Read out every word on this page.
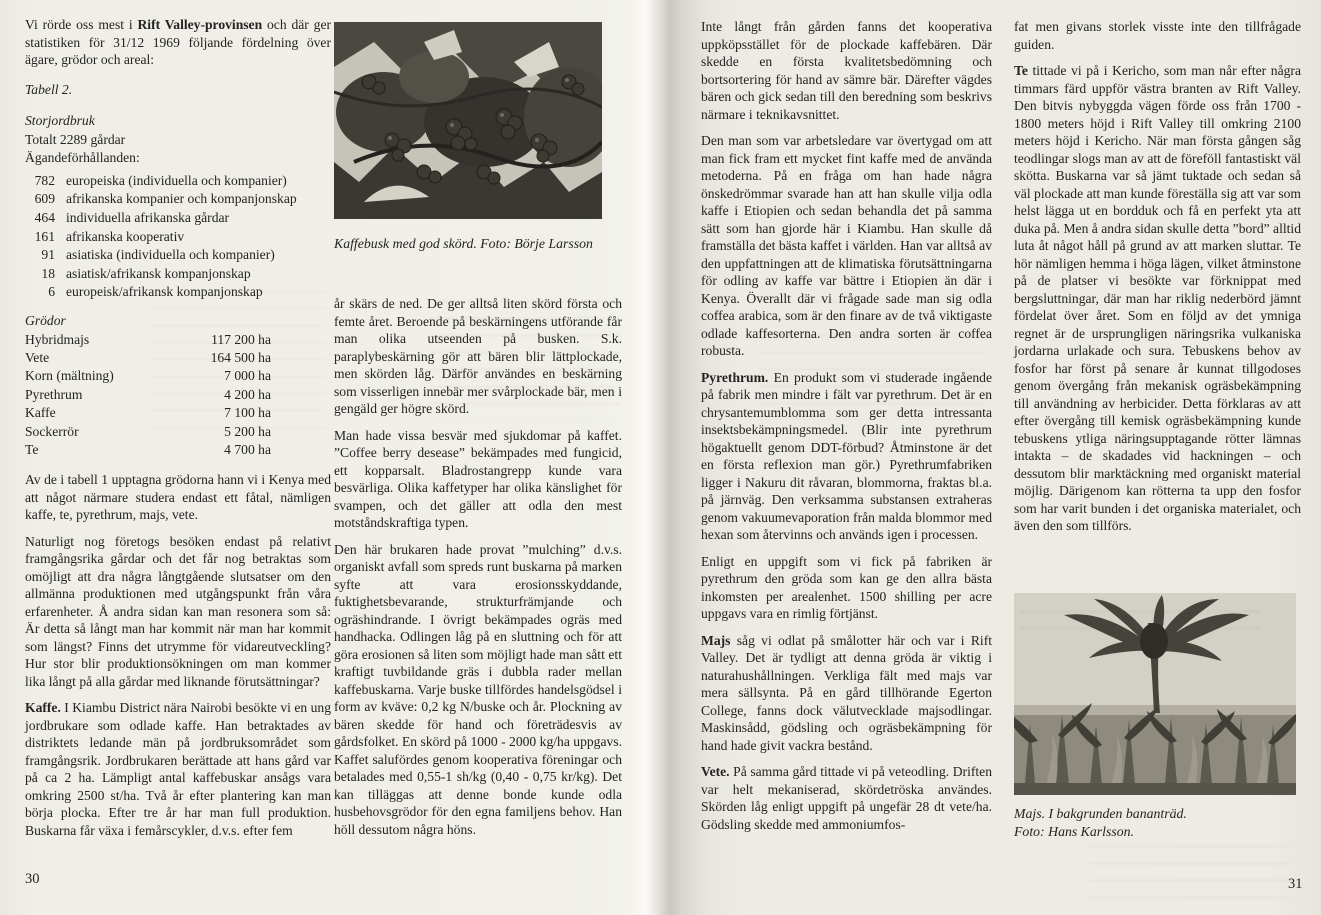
Vi rörde oss mest i Rift Valley-provinsen och där ger statistiken för 31/12 1969 följande fördelning över ägare, grödor och areal:

Tabell 2.
Storjordbruk
Totalt 2289 gårdar
Ägandeförhållanden:
782 europeiska (individuella och kompanier)
609 afrikanska kompanier och kompanjonskap
464 individuella afrikanska gårdar
161 afrikanska kooperativ
91 asiatiska (individuella och kompanier)
18 asiatisk/afrikansk kompanjonskap
6 europeisk/afrikansk kompanjonskap
Grödor
Hybridmajs	117 200 ha
Vete	164 500 ha
Korn (mältning)	7 000 ha
Pyrethrum	4 200 ha
Kaffe	7 100 ha
Sockerrör	5 200 ha
Te	4 700 ha

Av de i tabell 1 upptagna grödorna hann vi i Kenya med att något närmare studera endast ett fåtal, nämligen kaffe, te, pyrethrum, majs, vete.

Naturligt nog företogs besöken endast på relativt framgångsrika gårdar och det får nog betraktas som omöjligt att dra några långtgående slutsatser om den allmänna produktionen med utgångspunkt från våra erfarenheter. Å andra sidan kan man resonera som så: Är detta så långt man har kommit när man har kommit som längst? Finns det utrymme för vidareutveckling? Hur stor blir produktionsökningen om man kommer lika långt på alla gårdar med liknande förutsättningar?

Kaffe. I Kiambu District nära Nairobi besökte vi en ung jordbrukare som odlade kaffe. Han betraktades av distriktets ledande män på jordbruksområdet som framgångsrik. Jordbrukaren berättade att hans gård var på ca 2 ha. Lämpligt antal kaffebuskar ansågs vara omkring 2500 st/ha. Två år efter plantering kan man börja plocka. Efter tre år har man full produktion. Buskarna får växa i femårscykler, d.v.s. efter fem

Kaffebusk med god skörd. Foto: Börje Larsson

år skärs de ned. De ger alltså liten skörd första och femte året. Beroende på beskärningens utförande får man olika utseenden på busken. S.k. paraplybeskärning gör att bären blir lättplockade, men skörden låg. Därför användes en beskärning som visserligen innebär mer svårplockade bär, men i gengäld ger högre skörd.

Man hade vissa besvär med sjukdomar på kaffet. ”Coffee berry desease” bekämpades med fungicid, ett kopparsalt. Bladrostangrepp kunde vara besvärliga. Olika kaffetyper har olika känslighet för svampen, och det gäller att odla den mest motståndskraftiga typen.

Den här brukaren hade provat ”mulching” d.v.s. organiskt avfall som spreds runt buskarna på marken syfte att vara erosionsskyddande, fuktighetsbevarande, strukturfrämjande och ogräshindrande. I övrigt bekämpades ogräs med handhacka. Odlingen låg på en sluttning och för att göra erosionen så liten som möjligt hade man sått ett kraftigt tuvbildande gräs i dubbla rader mellan kaffebuskarna. Varje buske tillfördes handelsgödsel i form av kväve: 0,2 kg N/buske och år. Plockning av bären skedde för hand och företrädesvis av gårdsfolket. En skörd på 1000 - 2000 kg/ha uppgavs. Kaffet salufördes genom kooperativa föreningar och betalades med 0,55-1 sh/kg (0,40 - 0,75 kr/kg). Det kan tilläggas att denne bonde kunde odla husbehovsgrödor för den egna familjens behov. Han höll dessutom några höns.

30

Inte långt från gården fanns det kooperativa uppköpsstället för de plockade kaffebären. Där skedde en första kvalitetsbedömning och bortsortering för hand av sämre bär. Därefter vägdes bären och gick sedan till den beredning som beskrivs närmare i teknikavsnittet.

Den man som var arbetsledare var övertygad om att man fick fram ett mycket fint kaffe med de använda metoderna. På en fråga om han hade några önskedrömmar svarade han att han skulle vilja odla kaffe i Etiopien och sedan behandla det på samma sätt som han gjorde här i Kiambu. Han skulle då framställa det bästa kaffet i världen. Han var alltså av den uppfattningen att de klimatiska förutsättningarna för odling av kaffe var bättre i Etiopien än där i Kenya. Överallt där vi frågade sade man sig odla coffea arabica, som är den finare av de två viktigaste odlade kaffesorterna. Den andra sorten är coffea robusta.

Pyrethrum. En produkt som vi studerade ingående på fabrik men mindre i fält var pyrethrum. Det är en chrysantemumblomma som ger detta intressanta insektsbekämpningsmedel. (Blir inte pyrethrum högaktuellt genom DDT-förbud? Åtminstone är det en första reflexion man gör.) Pyrethrumfabriken ligger i Nakuru dit råvaran, blommorna, fraktas bl.a. på järnväg. Den verksamma substansen extraheras genom vakuumevaporation från malda blommor med hexan som återvinns och används igen i processen.

Enligt en uppgift som vi fick på fabriken är pyrethrum den gröda som kan ge den allra bästa inkomsten per arealenhet. 1500 shilling per acre uppgavs vara en rimlig förtjänst.

Majs såg vi odlat på smålotter här och var i Rift Valley. Det är tydligt att denna gröda är viktig i naturahushållningen. Verkliga fält med majs var mera sällsynta. På en gård tillhörande Egerton College, fanns dock välutvecklade majsodlingar. Maskinsådd, gödsling och ogräsbekämpning för hand hade givit vackra bestånd.

Vete. På samma gård tittade vi på veteodling. Driften var helt mekaniserad, skördetröska användes. Skörden låg enligt uppgift på ungefär 28 dt vete/ha. Gödsling skedde med ammoniumfos-

fat men givans storlek visste inte den tillfrågade guiden.

Te tittade vi på i Kericho, som man når efter några timmars färd uppför västra branten av Rift Valley. Den bitvis nybyggda vägen förde oss från 1700 - 1800 meters höjd i Rift Valley till omkring 2100 meters höjd i Kericho. När man första gången såg teodlingar slogs man av att de föreföll fantastiskt väl skötta. Buskarna var så jämt tuktade och sedan så väl plockade att man kunde föreställa sig att var som helst lägga ut en bordduk och få en perfekt yta att duka på. Men å andra sidan skulle detta ”bord” alltid luta åt något håll på grund av att marken sluttar. Te hör nämligen hemma i höga lägen, vilket åtminstone på de platser vi besökte var förknippat med bergsluttningar, där man har riklig nederbörd jämnt fördelat över året. Som en följd av det ymniga regnet är de ursprungligen näringsrika vulkaniska jordarna urlakade och sura. Tebuskens behov av fosfor har först på senare år kunnat tillgodoses genom övergång från mekanisk ogräsbekämpning till användning av herbicider. Detta förklaras av att efter övergång till kemisk ogräsbekämpning kunde tebuskens ytliga näringsupptagande rötter lämnas intakta – de skadades vid hackningen – och dessutom blir marktäckning med organiskt material möjlig. Därigenom kan rötterna ta upp den fosfor som har varit bunden i det organiska materialet, och även den som tillförs.

Majs. I bakgrunden bananträd.
Foto: Hans Karlsson.
31
